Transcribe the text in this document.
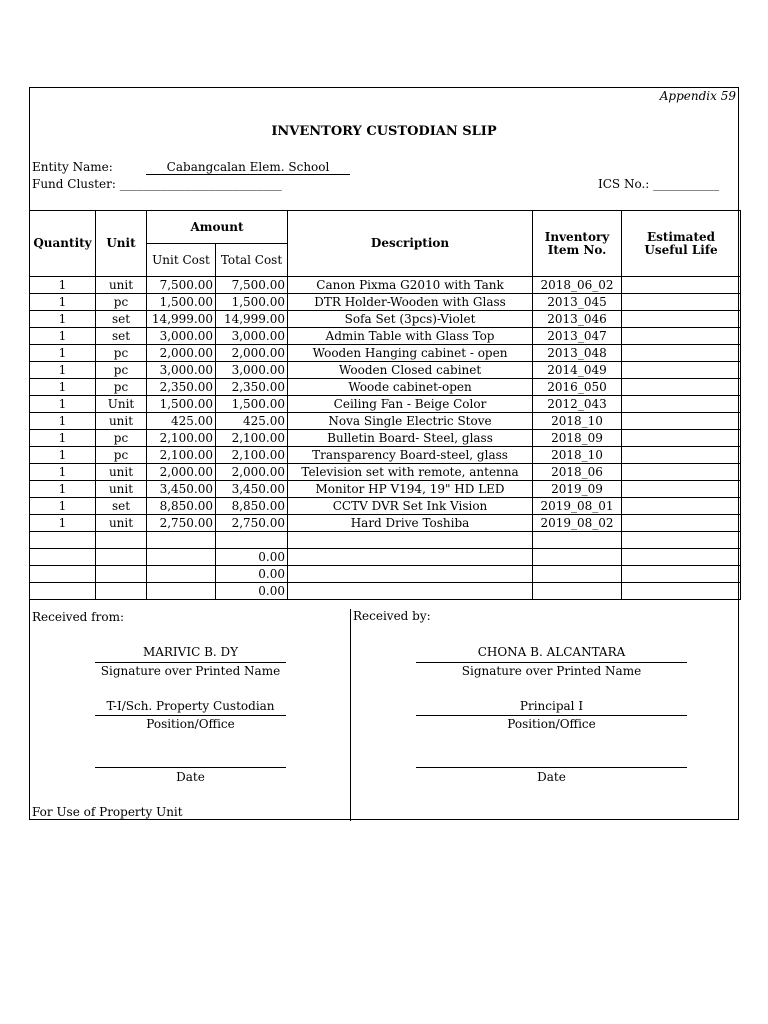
Appendix 59
INVENTORY CUSTODIAN SLIP
Entity Name:	Cabangcalan Elem. School
Fund Cluster: ___________________________	ICS No.: ___________
Quantity	Unit	Amount		Description	Inventory Item No.	Estimated Useful Life
		Unit Cost	Total Cost			
1	unit	7,500.00	7,500.00	Canon Pixma G2010 with Tank	2018_06_02	
1	pc	1,500.00	1,500.00	DTR Holder-Wooden with Glass	2013_045	
1	set	14,999.00	14,999.00	Sofa Set (3pcs)-Violet	2013_046	
1	set	3,000.00	3,000.00	Admin Table with Glass Top	2013_047	
1	pc	2,000.00	2,000.00	Wooden Hanging cabinet - open	2013_048	
1	pc	3,000.00	3,000.00	Wooden Closed cabinet	2014_049	
1	pc	2,350.00	2,350.00	Woode cabinet-open	2016_050	
1	Unit	1,500.00	1,500.00	Ceiling Fan - Beige Color	2012_043	
1	unit	425.00	425.00	Nova Single Electric Stove	2018_10	
1	pc	2,100.00	2,100.00	Bulletin Board- Steel, glass	2018_09	
1	pc	2,100.00	2,100.00	Transparency Board-steel, glass	2018_10	
1	unit	2,000.00	2,000.00	Television set with remote, antenna	2018_06	
1	unit	3,450.00	3,450.00	Monitor HP V194, 19" HD LED	2019_09	
1	set	8,850.00	8,850.00	CCTV DVR Set Ink Vision	2019_08_01	
1	unit	2,750.00	2,750.00	Hard Drive Toshiba	2019_08_02	

			0.00			
			0.00			
			0.00			
Received from:
MARIVIC B. DY
Signature over Printed Name
T-I/Sch. Property Custodian
Position/Office
Date
For Use of Property Unit
Received by:
CHONA B. ALCANTARA
Signature over Printed Name
Principal I
Position/Office
Date
